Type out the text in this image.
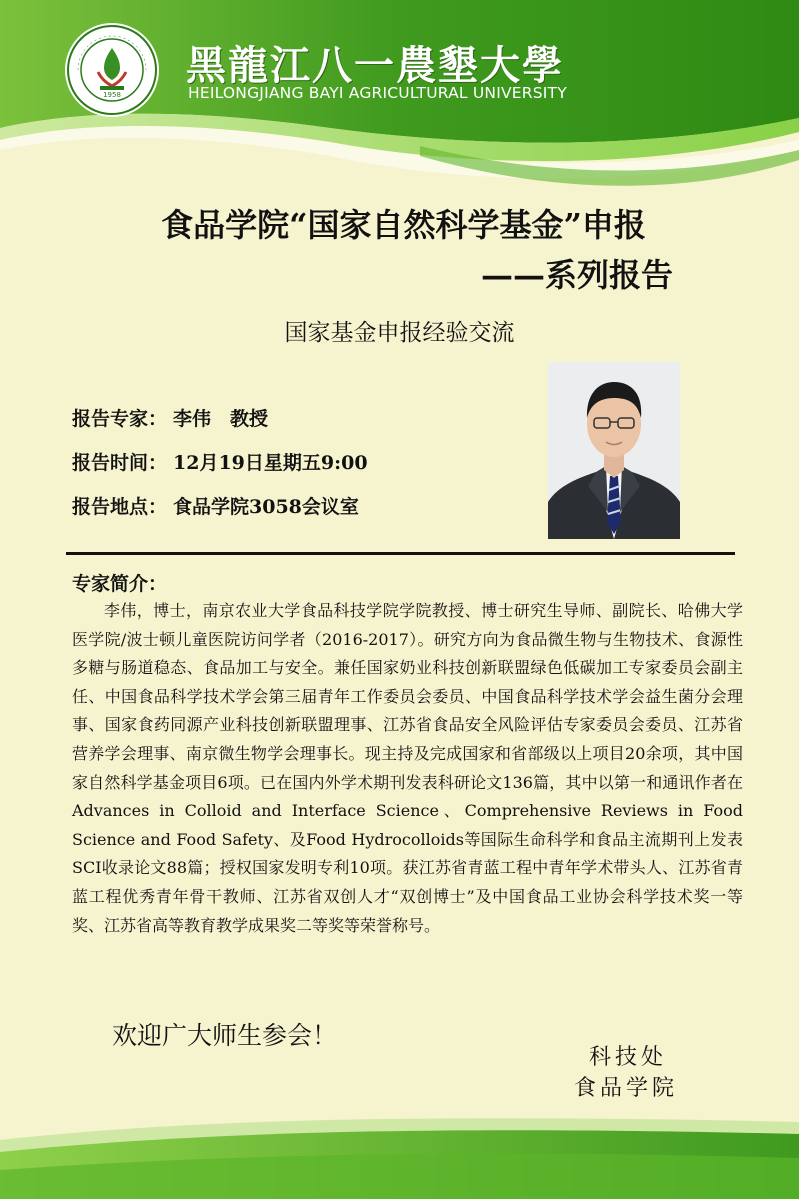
1958
黑龍江八一農墾大學
HEILONGJIANG BAYI AGRICULTURAL UNIVERSITY
食品学院“国家自然科学基金”申报
——系列报告
国家基金申报经验交流
报告专家： 李伟　教授
报告时间： 12月19日星期五9:00
报告地点： 食品学院3058会议室
专家简介：

李伟，博士，南京农业大学食品科技学院学院教授、博士研究生导师、副院长、哈佛大学医学院/波士顿儿童医院访问学者（2016-2017）。研究方向为食品微生物与生物技术、食源性多糖与肠道稳态、食品加工与安全。兼任国家奶业科技创新联盟绿色低碳加工专家委员会副主任、中国食品科学技术学会第三届青年工作委员会委员、中国食品科学技术学会益生菌分会理事、国家食药同源产业科技创新联盟理事、江苏省食品安全风险评估专家委员会委员、江苏省营养学会理事、南京微生物学会理事长。现主持及完成国家和省部级以上项目20余项，其中国家自然科学基金项目6项。已在国内外学术期刊发表科研论文136篇，其中以第一和通讯作者在Advances in Colloid and Interface Science、Comprehensive Reviews in Food Science and Food Safety、及Food Hydrocolloids等国际生命科学和食品主流期刊上发表SCI收录论文88篇；授权国家发明专利10项。获江苏省青蓝工程中青年学术带头人、江苏省青蓝工程优秀青年骨干教师、江苏省双创人才“双创博士”及中国食品工业协会科学技术奖一等奖、江苏省高等教育教学成果奖二等奖等荣誉称号。

欢迎广大师生参会！
科技处
食品学院
